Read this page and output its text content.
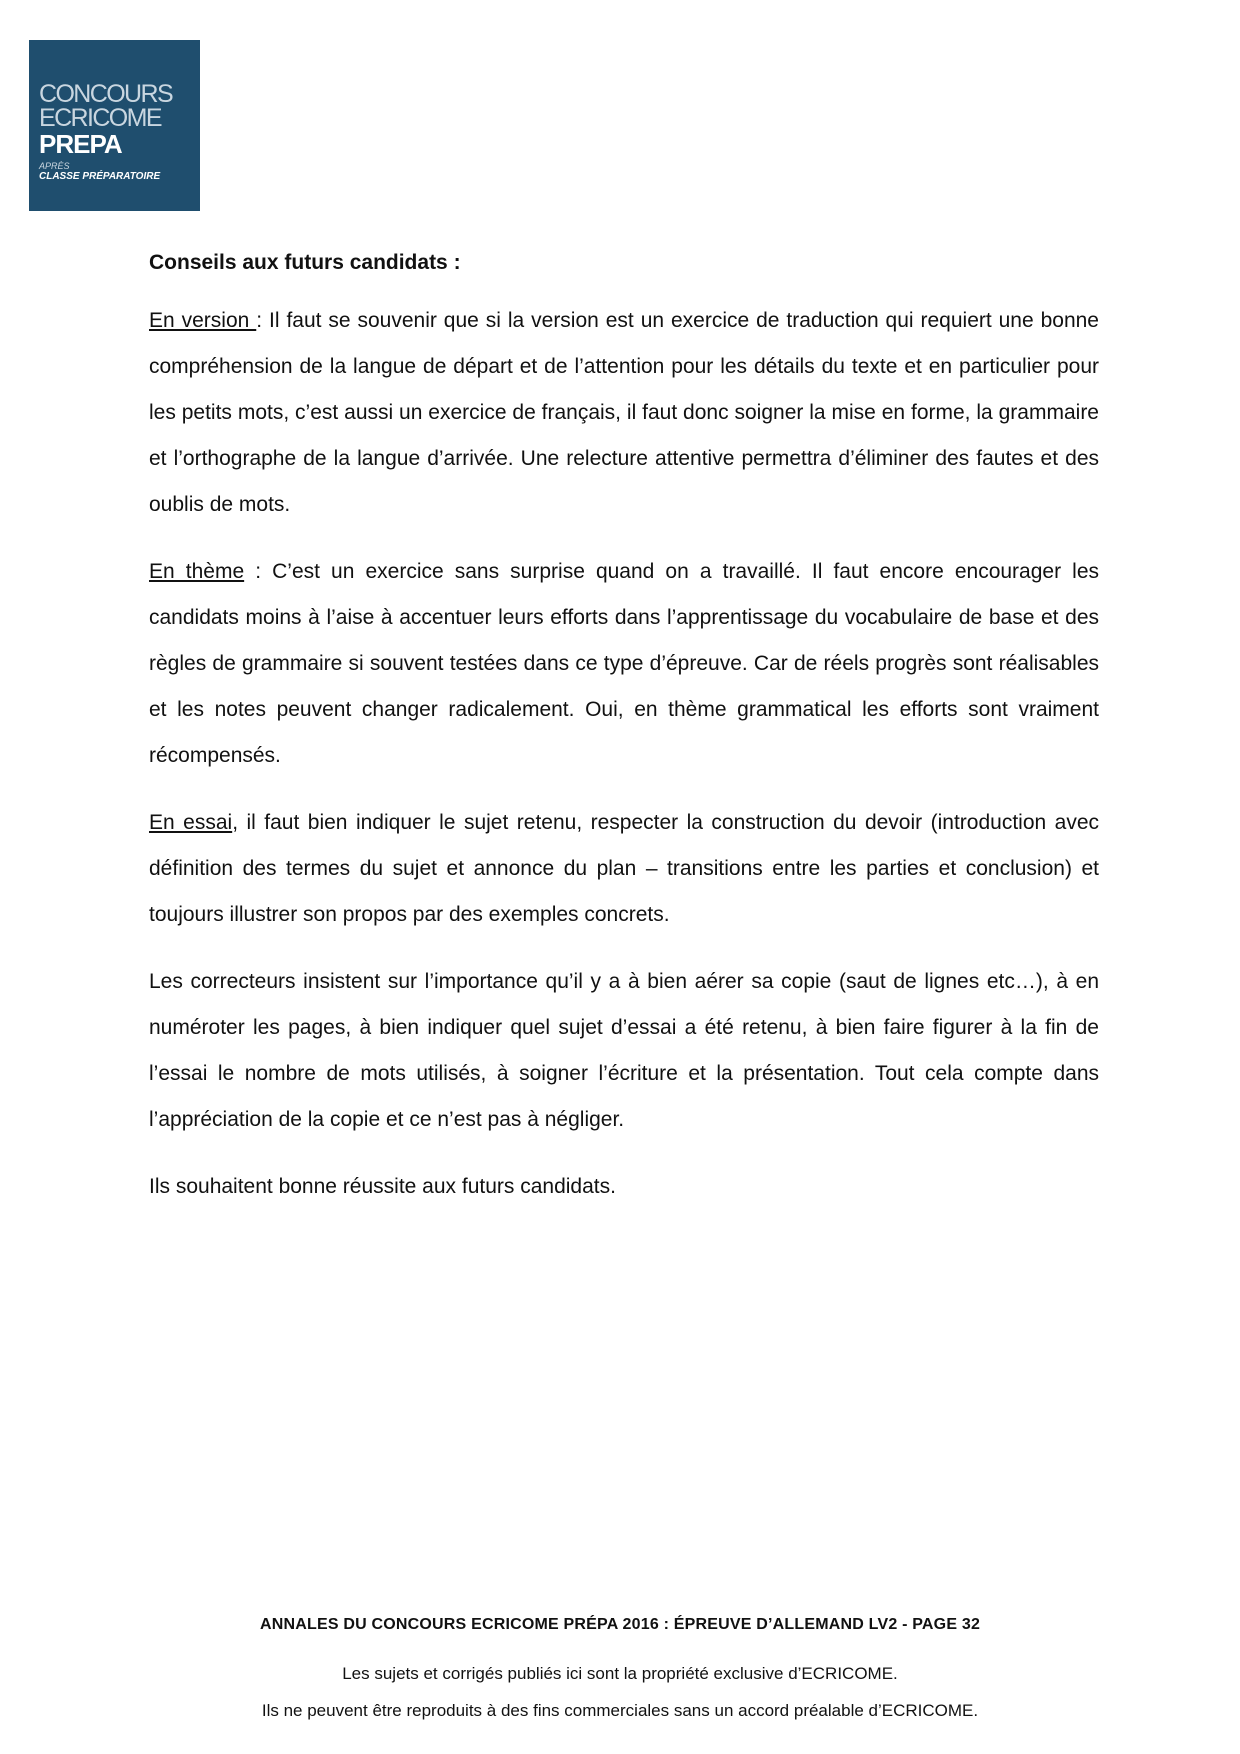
CONCOURS
ECRICOME
PREPA
APRÈS
CLASSE PRÉPARATOIRE
Conseils aux futurs candidats :

En version : Il faut se souvenir que si la version est un exercice de traduction qui requiert une bonne compréhension de la langue de départ et de l’attention pour les détails du texte et en particulier pour les petits mots, c’est aussi un exercice de français, il faut donc soigner la mise en forme, la grammaire et l’orthographe de la langue d’arrivée. Une relecture attentive permettra d’éliminer des fautes et des oublis de mots.

En thème : C’est un exercice sans surprise quand on a travaillé. Il faut encore encourager les candidats moins à l’aise à accentuer leurs efforts dans l’apprentissage du vocabulaire de base et des règles de grammaire si souvent testées dans ce type d’épreuve. Car de réels progrès sont réalisables et les notes peuvent changer radicalement. Oui, en thème grammatical les efforts sont vraiment récompensés.

En essai, il faut bien indiquer le sujet retenu, respecter la construction du devoir (introduction avec définition des termes du sujet et annonce du plan – transitions entre les parties et conclusion) et toujours illustrer son propos par des exemples concrets.

Les correcteurs insistent sur l’importance qu’il y a à bien aérer sa copie (saut de lignes etc…), à en numéroter les pages, à bien indiquer quel sujet d’essai a été retenu, à bien faire figurer à la fin de l’essai le nombre de mots utilisés, à soigner l’écriture et la présentation. Tout cela compte dans l’appréciation de la copie et ce n’est pas à négliger.

Ils souhaitent bonne réussite aux futurs candidats.

ANNALES DU CONCOURS ECRICOME PRÉPA 2016 : ÉPREUVE D’ALLEMAND LV2 - PAGE 32
Les sujets et corrigés publiés ici sont la propriété exclusive d’ECRICOME.
Ils ne peuvent être reproduits à des fins commerciales sans un accord préalable d’ECRICOME.
